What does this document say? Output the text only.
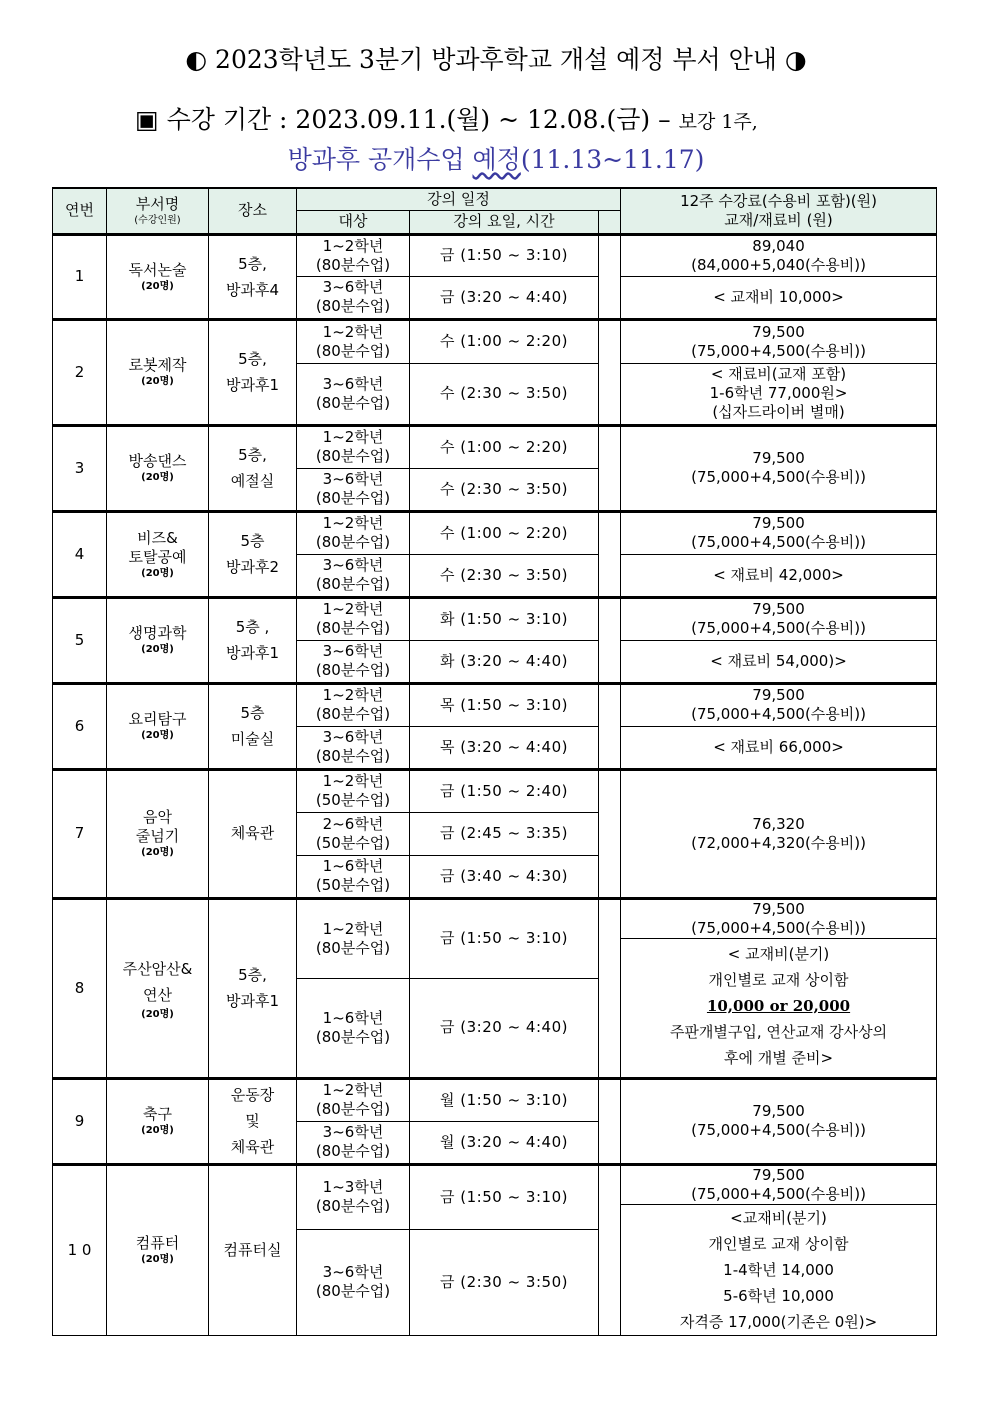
◐ 2023학년도 3분기 방과후학교 개설 예정 부서 안내 ◑
▣ 수강 기간 : 2023.09.11.(월) ~ 12.08.(금) – 보강 1주,
방과후 공개수업 예정(11.13~11.17)
연번	부서명
(수강인원)	장소	강의 일정			12주 수강료(수용비 포함)(원)
교재/재료비 (원)
			대상	강의 요일, 시간		
1	독서논술
(20명)	5층,
방과후4	1~2학년
(80분수업)	금 (1:50 ~ 3:10)		89,040
(84,000+5,040(수용비))
			3~6학년
(80분수업)	금 (3:20 ~ 4:40)		< 교재비 10,000>
2	로봇제작
(20명)	5층,
방과후1	1~2학년
(80분수업)	수 (1:00 ~ 2:20)		79,500
(75,000+4,500(수용비))
			3~6학년
(80분수업)	수 (2:30 ~ 3:50)		< 재료비(교재 포함)
1-6학년 77,000원>
(십자드라이버 별매)
3	방송댄스
(20명)	5층,
예절실	1~2학년
(80분수업)	수 (1:00 ~ 2:20)		79,500
(75,000+4,500(수용비))
			3~6학년
(80분수업)	수 (2:30 ~ 3:50)		
4	비즈&
토탈공예
(20명)	5층
방과후2	1~2학년
(80분수업)	수 (1:00 ~ 2:20)		79,500
(75,000+4,500(수용비))
			3~6학년
(80분수업)	수 (2:30 ~ 3:50)		< 재료비 42,000>
5	생명과학
(20명)	5층 ,
방과후1	1~2학년
(80분수업)	화 (1:50 ~ 3:10)		79,500
(75,000+4,500(수용비))
			3~6학년
(80분수업)	화 (3:20 ~ 4:40)		< 재료비 54,000)>
6	요리탐구
(20명)	5층
미술실	1~2학년
(80분수업)	목 (1:50 ~ 3:10)		79,500
(75,000+4,500(수용비))
			3~6학년
(80분수업)	목 (3:20 ~ 4:40)		< 재료비 66,000>
7	음악
줄넘기
(20명)	체육관	1~2학년
(50분수업)	금 (1:50 ~ 2:40)		76,320
(72,000+4,320(수용비))
			2~6학년
(50분수업)	금 (2:45 ~ 3:35)		
			1~6학년
(50분수업)	금 (3:40 ~ 4:30)		
8	주산암산&
연산
(20명)	5층,
방과후1	1~2학년
(80분수업)	금 (1:50 ~ 3:10)		79,500
(75,000+4,500(수용비))
						< 교재비(분기)
개인별로 교재 상이함
10,000 or 20,000
주판개별구입, 연산교재 강사상의
후에 개별 준비>
			1~6학년
(80분수업)	금 (3:20 ~ 4:40)		
9	축구
(20명)	운동장
및
체육관	1~2학년
(80분수업)	월 (1:50 ~ 3:10)		79,500
(75,000+4,500(수용비))
			3~6학년
(80분수업)	월 (3:20 ~ 4:40)		
1 0	컴퓨터
(20명)	컴퓨터실	1~3학년
(80분수업)	금 (1:50 ~ 3:10)		79,500
(75,000+4,500(수용비))
						<교재비(분기)
개인별로 교재 상이함
1-4학년 14,000
5-6학년 10,000
자격증 17,000(기존은 0원)>
			3~6학년
(80분수업)	금 (2:30 ~ 3:50)		
